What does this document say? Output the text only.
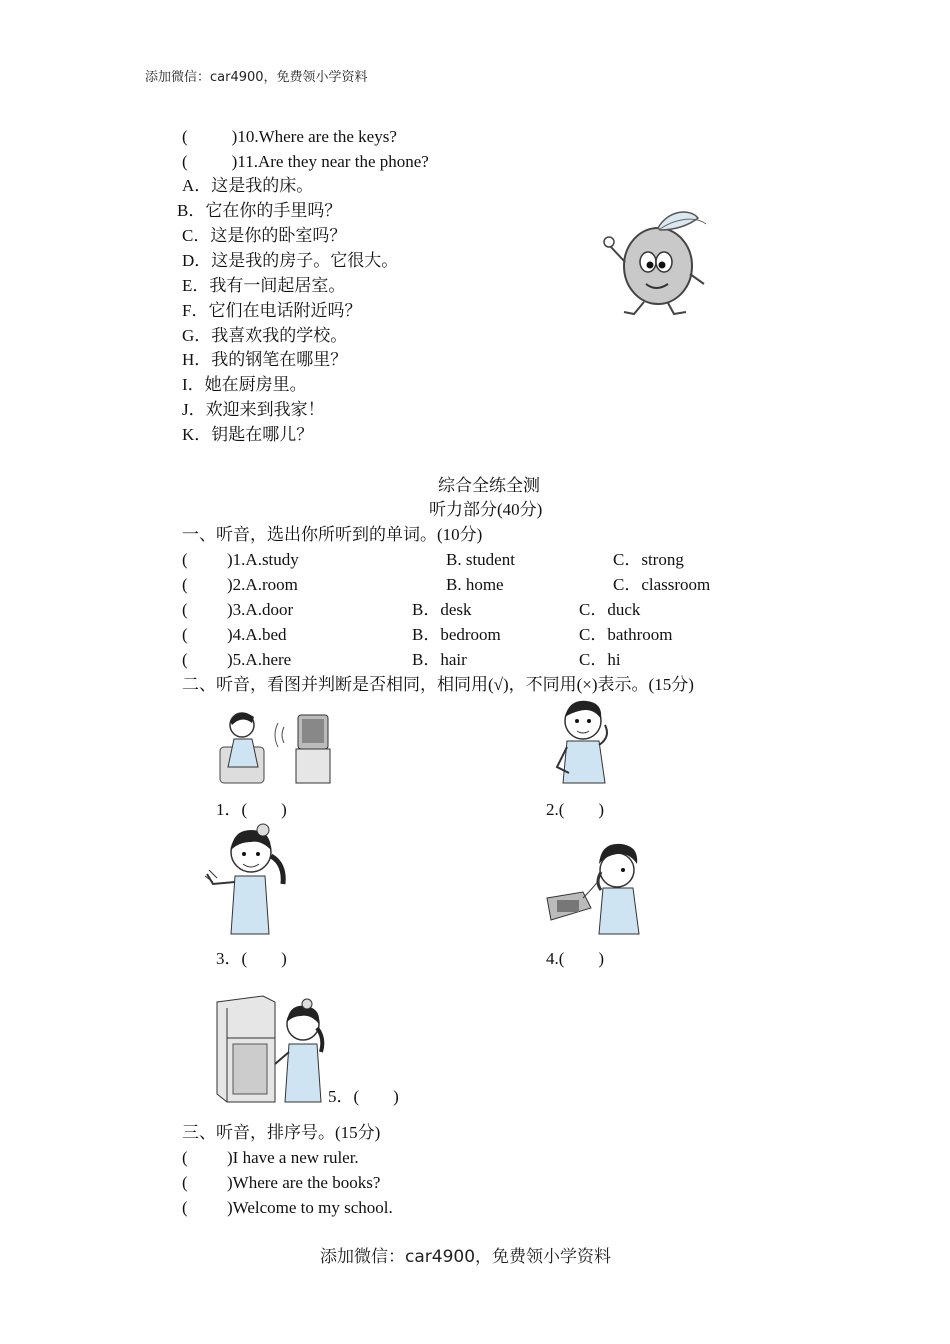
添加微信：car4900，免费领小学资料
(	)10.Where are the keys?
(	)11.Are they near the phone?
A．这是我的床。
B．它在你的手里吗？
C．这是你的卧室吗？
D．这是我的房子。它很大。
E．我有一间起居室。
F．它们在电话附近吗？
G．我喜欢我的学校。
H．我的钢笔在哪里？
I．她在厨房里。
J．欢迎来到我家！
K．钥匙在哪儿？
综合全练全测
听力部分(40分)
一、听音，选出你所听到的单词。(10分)
( )1.A.study	B. student	C．strong
( )2.A.room	B. home	C．classroom
( )3.A.door	B．desk	C．duck
( )4.A.bed	B．bedroom	C．bathroom
( )5.A.here	B．hair	C．hi
二、听音，看图并判断是否相同，相同用(√)，不同用(×)表示。(15分)
1．(　　)	2.(　　)
3．(　　)	4.(　　)
5．(　　)
三、听音，排序号。(15分)
( )I have a new ruler.
( )Where are the books?
( )Welcome to my school.
添加微信：car4900，免费领小学资料
